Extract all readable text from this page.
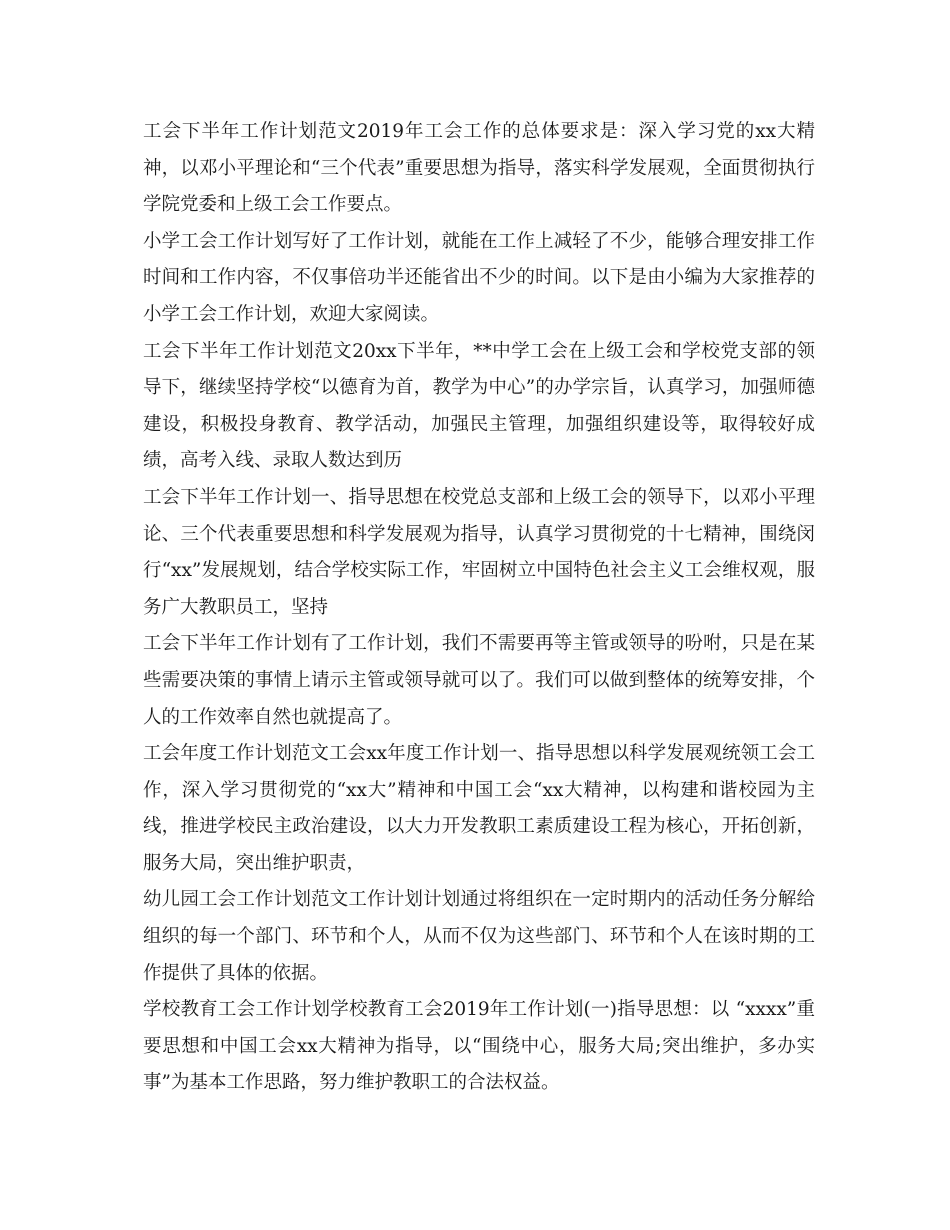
工会下半年工作计划范文2019年工会工作的总体要求是：深入学习党的xx大精神，以邓小平理论和“三个代表”重要思想为指导，落实科学发展观，全面贯彻执行学院党委和上级工会工作要点。

小学工会工作计划写好了工作计划，就能在工作上减轻了不少，能够合理安排工作时间和工作内容，不仅事倍功半还能省出不少的时间。以下是由小编为大家推荐的小学工会工作计划，欢迎大家阅读。

工会下半年工作计划范文20xx下半年，**中学工会在上级工会和学校党支部的领导下，继续坚持学校“以德育为首，教学为中心”的办学宗旨，认真学习，加强师德建设，积极投身教育、教学活动，加强民主管理，加强组织建设等，取得较好成绩，高考入线、录取人数达到历

工会下半年工作计划一、指导思想在校党总支部和上级工会的领导下，以邓小平理论、三个代表重要思想和科学发展观为指导，认真学习贯彻党的十七精神，围绕闵行“xx”发展规划，结合学校实际工作，牢固树立中国特色社会主义工会维权观，服务广大教职员工，坚持

工会下半年工作计划有了工作计划，我们不需要再等主管或领导的吩咐，只是在某些需要决策的事情上请示主管或领导就可以了。我们可以做到整体的统筹安排，个人的工作效率自然也就提高了。

工会年度工作计划范文工会xx年度工作计划一、指导思想以科学发展观统领工会工作，深入学习贯彻党的“xx大”精神和中国工会“xx大精神，以构建和谐校园为主线，推进学校民主政治建设，以大力开发教职工素质建设工程为核心，开拓创新，服务大局，突出维护职责，

幼儿园工会工作计划范文工作计划计划通过将组织在一定时期内的活动任务分解给组织的每一个部门、环节和个人，从而不仅为这些部门、环节和个人在该时期的工作提供了具体的依据。

学校教育工会工作计划学校教育工会2019年工作计划(一)指导思想：以 “xxxx”重要思想和中国工会xx大精神为指导，以“围绕中心，服务大局;突出维护，多办实事”为基本工作思路，努力维护教职工的合法权益。
